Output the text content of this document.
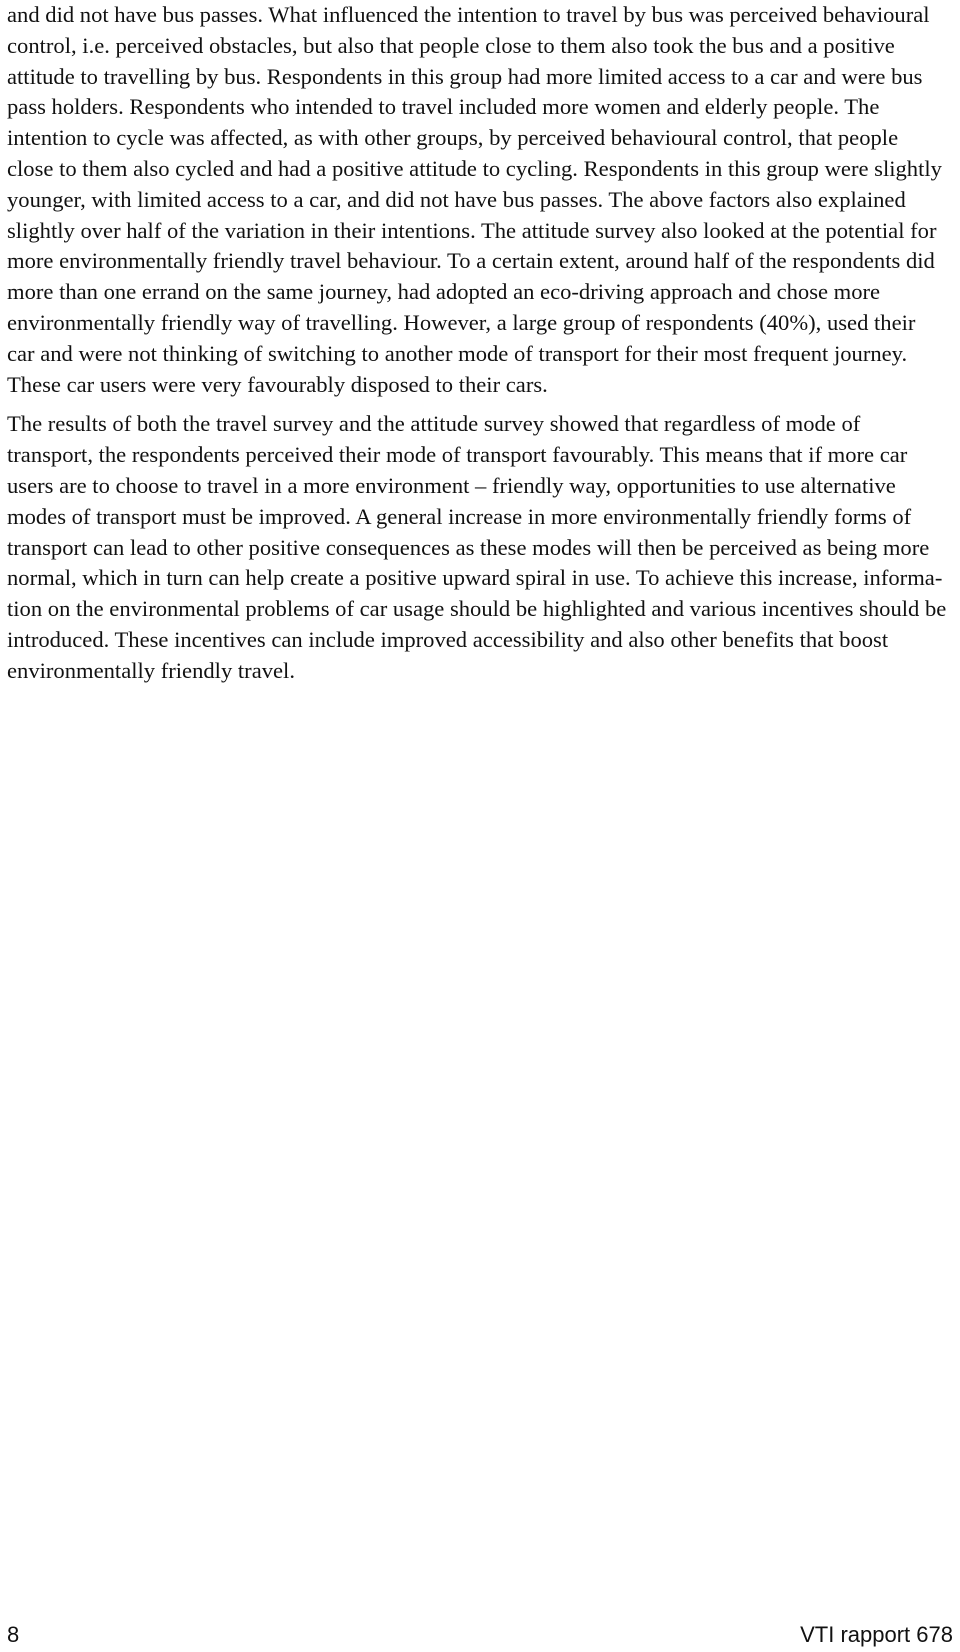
and did not have bus passes. What influenced the intention to travel by bus was perceived behavioural control, i.e. perceived obstacles, but also that people close to them also took the bus and a positive attitude to travelling by bus. Respondents in this group had more limited access to a car and were bus pass holders. Respondents who intended to travel included more women and elderly people. The intention to cycle was affected, as with other groups, by perceived behavioural control, that people close to them also cycled and had a positive attitude to cycling. Respondents in this group were slightly younger, with limited access to a car, and did not have bus passes. The above factors also explained slightly over half of the variation in their intentions. The attitude survey also looked at the potential for more environmentally friendly travel behaviour. To a certain extent, around half of the respondents did more than one errand on the same journey, had adopted an eco-driving approach and chose more environmentally friendly way of travelling. However, a large group of respondents (40%), used their car and were not thinking of switching to another mode of transport for their most frequent journey. These car users were very favourably disposed to their cars.

The results of both the travel survey and the attitude survey showed that regardless of mode of transport, the respondents perceived their mode of transport favourably. This means that if more car users are to choose to travel in a more environment – friendly way, opportunities to use alternative modes of transport must be improved. A general increase in more environmentally friendly forms of transport can lead to other positive consequences as these modes will then be perceived as being more normal, which in turn can help create a positive upward spiral in use. To achieve this increase, information on the environmental problems of car usage should be highlighted and various incentives should be introduced. These incentives can include improved accessibility and also other benefits that boost environmentally friendly travel.

8	VTI rapport 678
